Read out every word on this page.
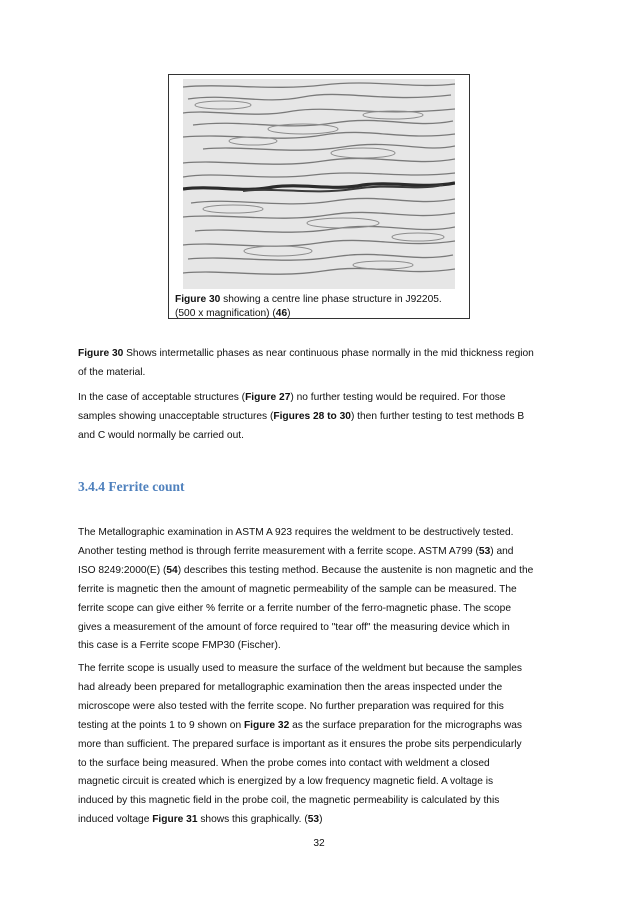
Figure 30 showing a centre line phase structure in J92205.
(500 x magnification) (46)

Figure 30 Shows intermetallic phases as near continuous phase normally in the mid thickness region
of the material.

In the case of acceptable structures (Figure 27) no further testing would be required. For those
samples showing unacceptable structures (Figures 28 to 30) then further testing to test methods B
and C would normally be carried out.

3.4.4 Ferrite count

The Metallographic examination in ASTM A 923 requires the weldment to be destructively tested.
Another testing method is through ferrite measurement with a ferrite scope. ASTM A799 (53) and
ISO 8249:2000(E) (54) describes this testing method. Because the austenite is non magnetic and the
ferrite is magnetic then the amount of magnetic permeability of the sample can be measured. The
ferrite scope can give either % ferrite or a ferrite number of the ferro-magnetic phase. The scope
gives a measurement of the amount of force required to "tear off" the measuring device which in
this case is a Ferrite scope FMP30 (Fischer).

The ferrite scope is usually used to measure the surface of the weldment but because the samples
had already been prepared for metallographic examination then the areas inspected under the
microscope were also tested with the ferrite scope. No further preparation was required for this
testing at the points 1 to 9 shown on Figure 32 as the surface preparation for the micrographs was
more than sufficient. The prepared surface is important as it ensures the probe sits perpendicularly
to the surface being measured. When the probe comes into contact with weldment a closed
magnetic circuit is created which is energized by a low frequency magnetic field. A voltage is
induced by this magnetic field in the probe coil, the magnetic permeability is calculated by this
induced voltage Figure 31 shows this graphically. (53)

32
